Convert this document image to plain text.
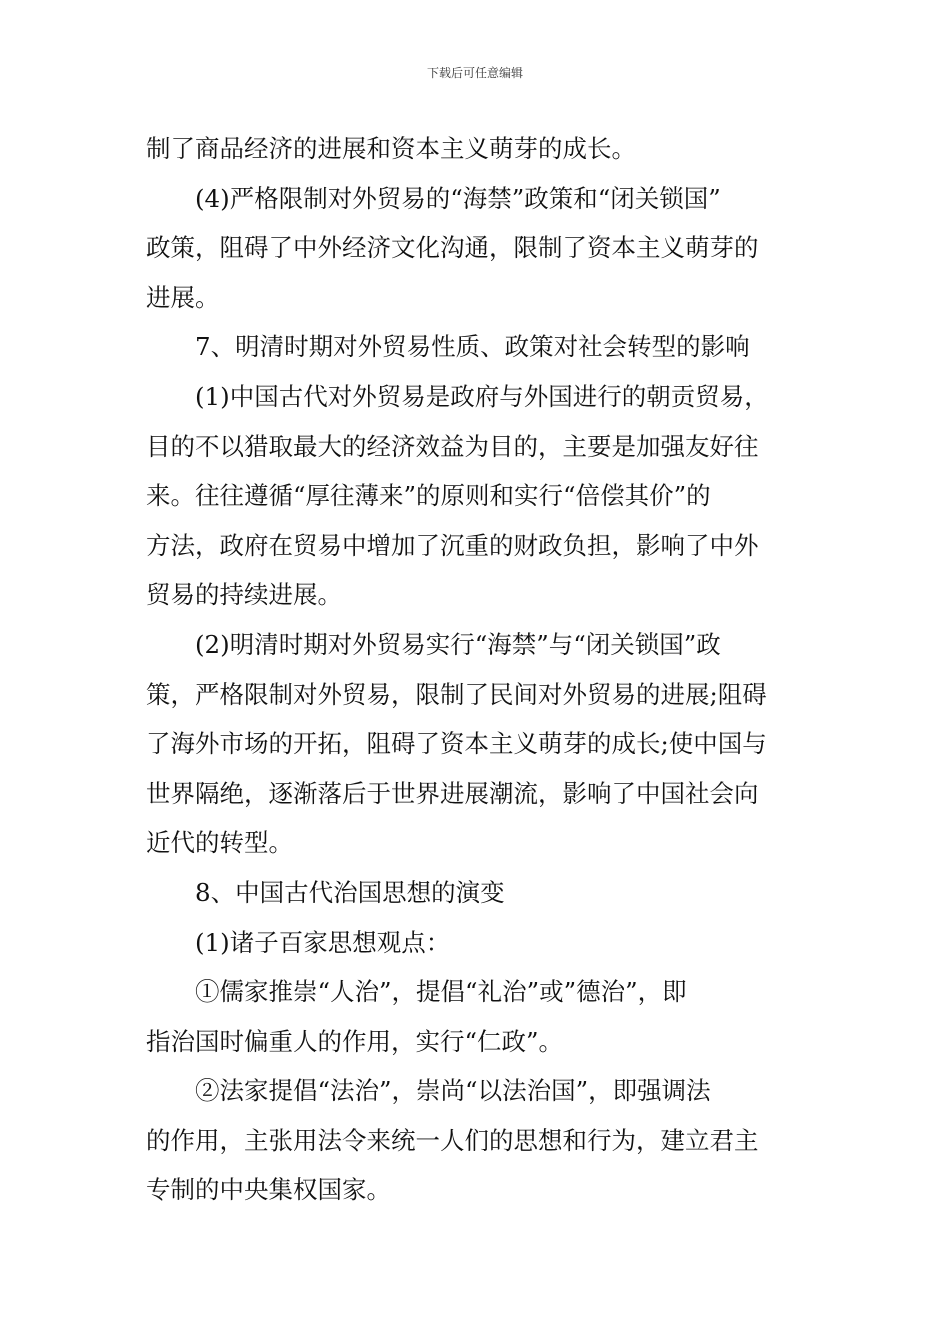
下载后可任意编辑

制了商品经济的进展和资本主义萌芽的成长。

(4)严格限制对外贸易的“海禁”政策和“闭关锁国”

政策，阻碍了中外经济文化沟通，限制了资本主义萌芽的

进展。

7、明清时期对外贸易性质、政策对社会转型的影响

(1)中国古代对外贸易是政府与外国进行的朝贡贸易，

目的不以猎取最大的经济效益为目的，主要是加强友好往

来。往往遵循“厚往薄来”的原则和实行“倍偿其价”的

方法，政府在贸易中增加了沉重的财政负担，影响了中外

贸易的持续进展。

(2)明清时期对外贸易实行“海禁”与“闭关锁国”政

策，严格限制对外贸易，限制了民间对外贸易的进展;阻碍

了海外市场的开拓，阻碍了资本主义萌芽的成长;使中国与

世界隔绝，逐渐落后于世界进展潮流，影响了中国社会向

近代的转型。

8、中国古代治国思想的演变

(1)诸子百家思想观点：

①儒家推崇“人治”，提倡“礼治”或”德治”，即

指治国时偏重人的作用，实行“仁政”。

②法家提倡“法治”，崇尚“以法治国”，即强调法

的作用，主张用法令来统一人们的思想和行为，建立君主

专制的中央集权国家。
